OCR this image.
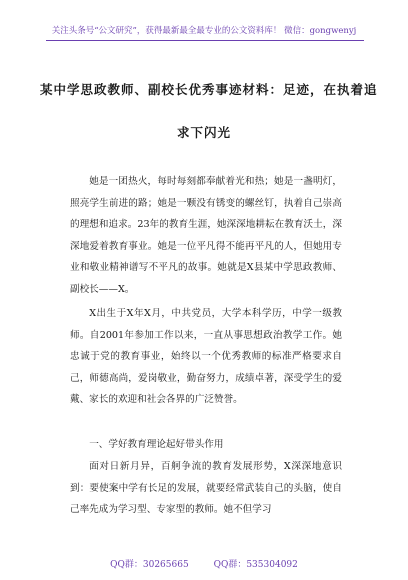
关注头条号“公文研究”，获得最新最全最专业的公文资料库！ 微信：gongwenyj
某中学思政教师、副校长优秀事迹材料：足迹，在执着追
求下闪光

她是一团热火，每时每刻都奉献着光和热；她是一盏明灯，照亮学生前进的路；她是一颗没有锈变的螺丝钉，执着自己崇高的理想和追求。23年的教育生涯，她深深地耕耘在教育沃土，深深地爱着教育事业。她是一位平凡得不能再平凡的人，但她用专业和敬业精神谱写不平凡的故事。她就是X县某中学思政教师、副校长——X。

X出生于X年X月，中共党员，大学本科学历，中学一级教师。自2001年参加工作以来，一直从事思想政治教学工作。她忠诚于党的教育事业，始终以一个优秀教师的标准严格要求自己，师德高尚，爱岗敬业，勤奋努力，成绩卓著，深受学生的爱戴、家长的欢迎和社会各界的广泛赞誉。

一、学好教育理论起好带头作用

面对日新月异，百舸争流的教育发展形势，X深深地意识到：要使案中学有长足的发展，就要经常武装自己的头脑，使自己率先成为学习型、专家型的教师。她不但学习

QQ群：30265665	QQ群：535304092
